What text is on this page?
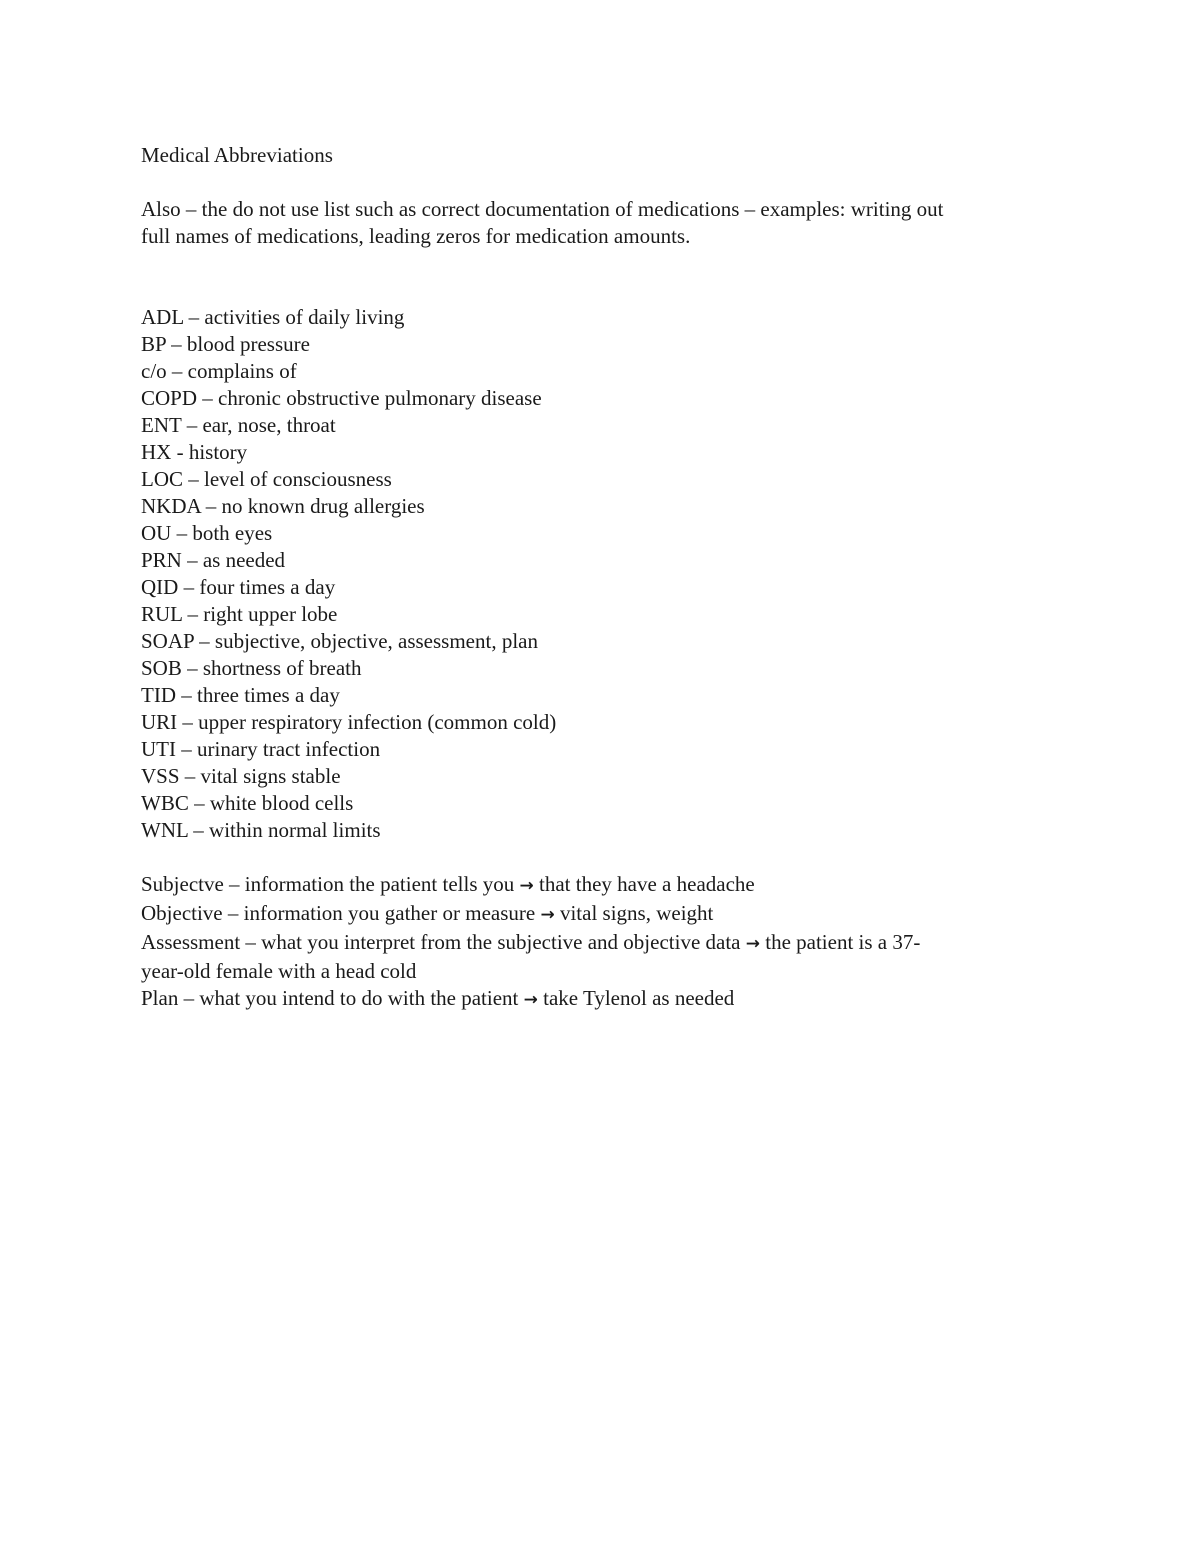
Medical Abbreviations

Also – the do not use list such as correct documentation of medications – examples: writing out

full names of medications, leading zeros for medication amounts.

ADL – activities of daily living

BP – blood pressure

c/o – complains of

COPD – chronic obstructive pulmonary disease

ENT – ear, nose, throat

HX - history

LOC – level of consciousness

NKDA – no known drug allergies

OU – both eyes

PRN – as needed

QID – four times a day

RUL – right upper lobe

SOAP – subjective, objective, assessment, plan

SOB – shortness of breath

TID – three times a day

URI – upper respiratory infection (common cold)

UTI – urinary tract infection

VSS – vital signs stable

WBC – white blood cells

WNL – within normal limits

Subjectve – information the patient tells you → that they have a headache

Objective – information you gather or measure → vital signs, weight

Assessment – what you interpret from the subjective and objective data → the patient is a 37-

year-old female with a head cold

Plan – what you intend to do with the patient → take Tylenol as needed
